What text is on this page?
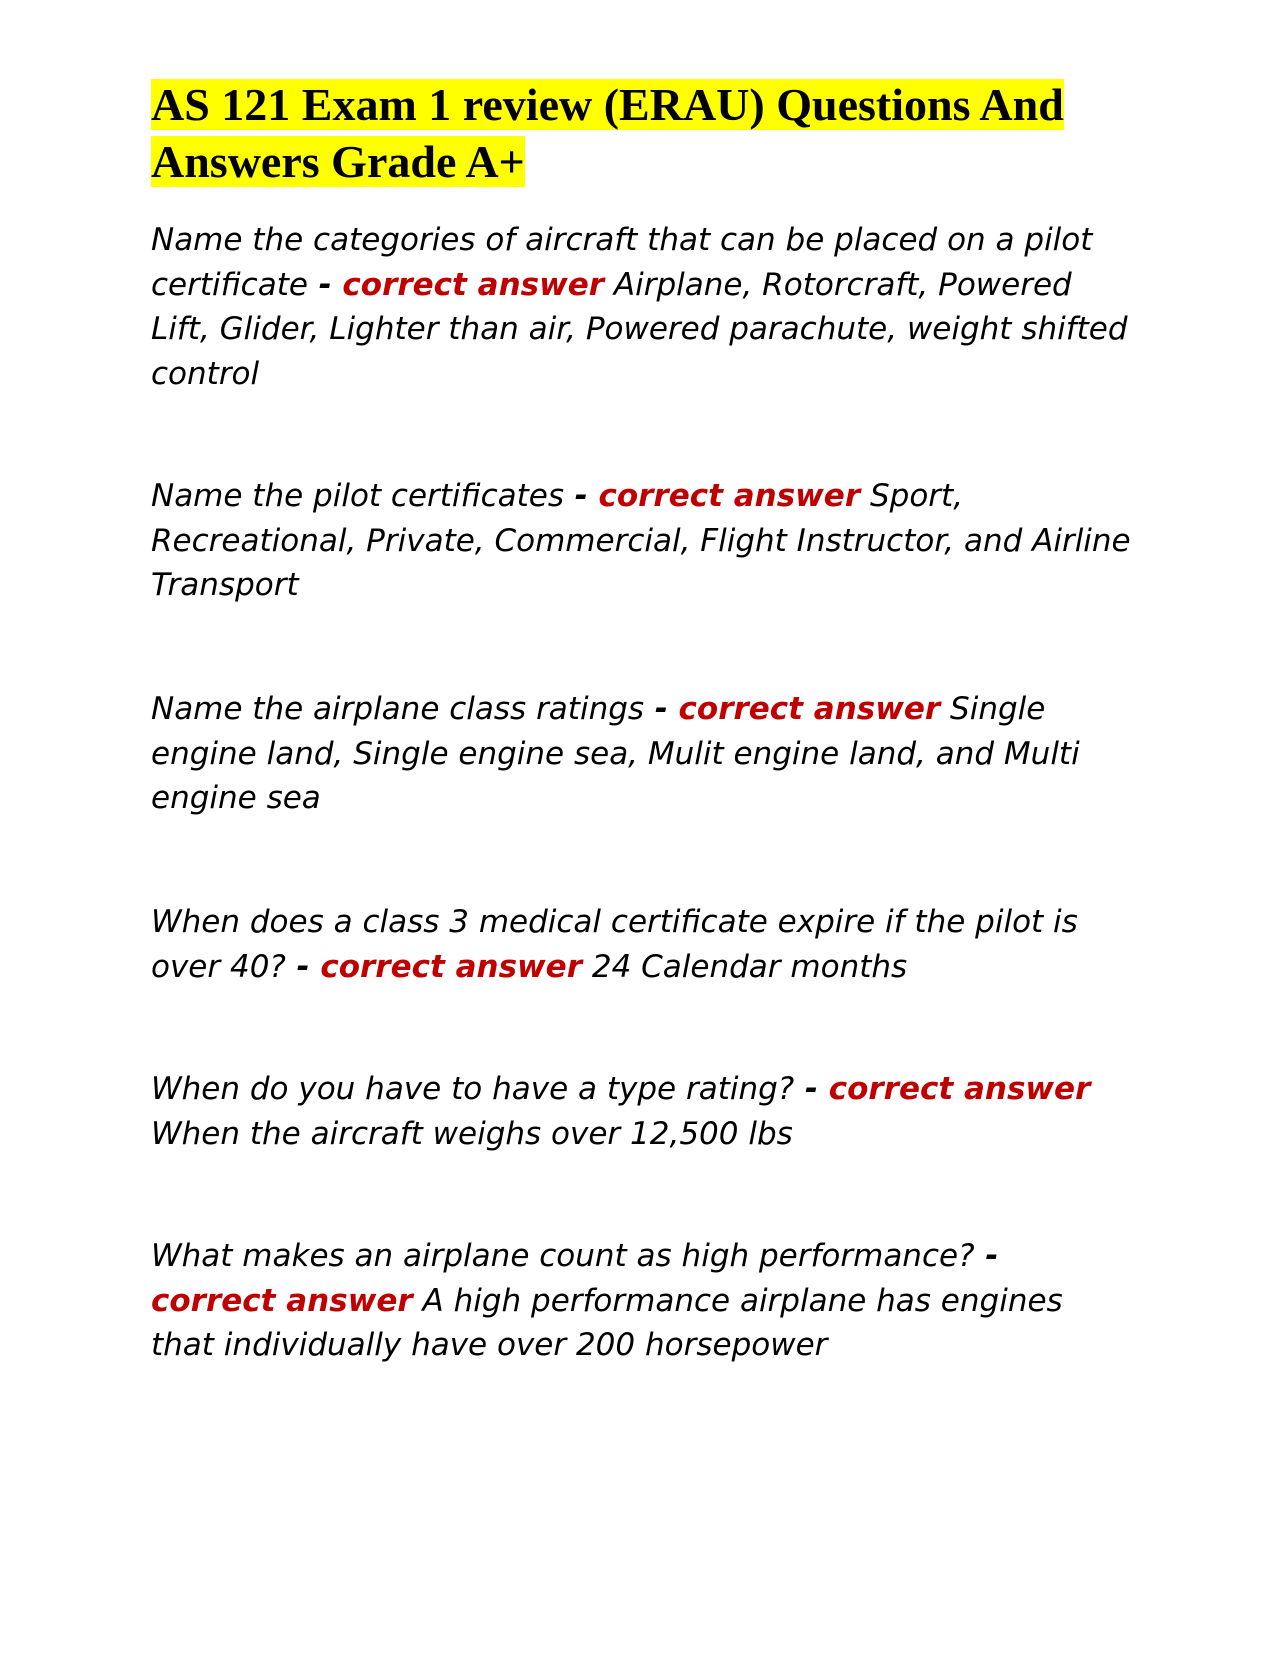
AS 121 Exam 1 review (ERAU) Questions And Answers Grade A+

Name the categories of aircraft that can be placed on a pilot certificate - correct answer Airplane, Rotorcraft, Powered Lift, Glider, Lighter than air, Powered parachute, weight shifted control

Name the pilot certificates - correct answer Sport, Recreational, Private, Commercial, Flight Instructor, and Airline Transport

Name the airplane class ratings - correct answer Single engine land, Single engine sea, Mulit engine land, and Multi engine sea

When does a class 3 medical certificate expire if the pilot is over 40? - correct answer 24 Calendar months

When do you have to have a type rating? - correct answer When the aircraft weighs over 12,500 lbs

What makes an airplane count as high performance? - correct answer A high performance airplane has engines that individually have over 200 horsepower
